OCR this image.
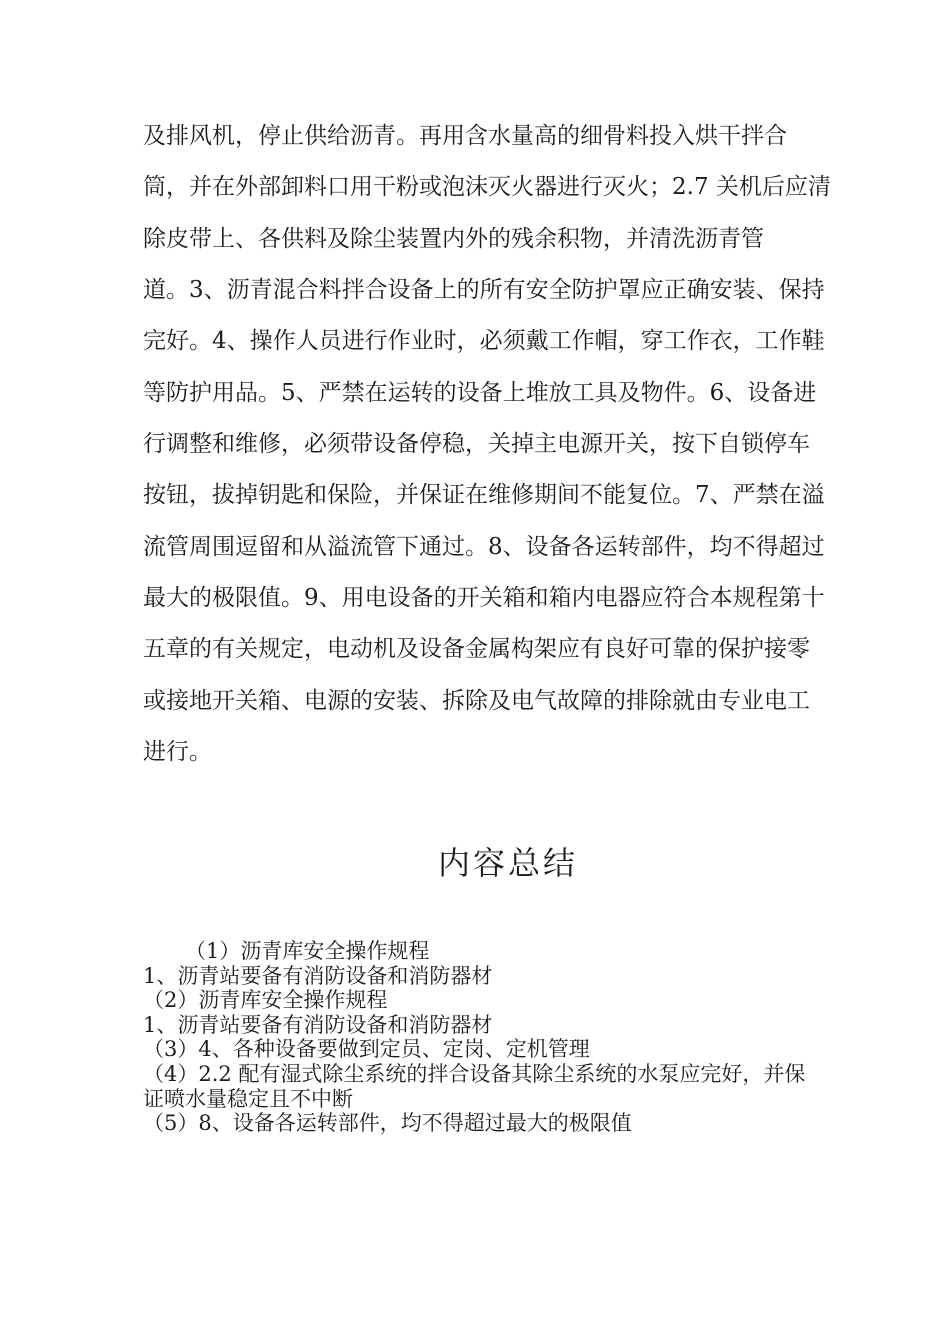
及排风机，停止供给沥青。再用含水量高的细骨料投入烘干拌合
筒，并在外部卸料口用干粉或泡沫灭火器进行灭火；2.7 关机后应清
除皮带上、各供料及除尘装置内外的残余积物，并清洗沥青管
道。3、沥青混合料拌合设备上的所有安全防护罩应正确安装、保持
完好。4、操作人员进行作业时，必须戴工作帽，穿工作衣，工作鞋
等防护用品。5、严禁在运转的设备上堆放工具及物件。6、设备进
行调整和维修，必须带设备停稳，关掉主电源开关，按下自锁停车
按钮，拔掉钥匙和保险，并保证在维修期间不能复位。7、严禁在溢
流管周围逗留和从溢流管下通过。8、设备各运转部件，均不得超过
最大的极限值。9、用电设备的开关箱和箱内电器应符合本规程第十
五章的有关规定，电动机及设备金属构架应有良好可靠的保护接零
或接地开关箱、电源的安装、拆除及电气故障的排除就由专业电工
进行。
内容总结
（1）沥青库安全操作规程
1、沥青站要备有消防设备和消防器材
（2）沥青库安全操作规程
1、沥青站要备有消防设备和消防器材
（3）4、各种设备要做到定员、定岗、定机管理
（4）2.2 配有湿式除尘系统的拌合设备其除尘系统的水泵应完好，并保
证喷水量稳定且不中断
（5）8、设备各运转部件，均不得超过最大的极限值
